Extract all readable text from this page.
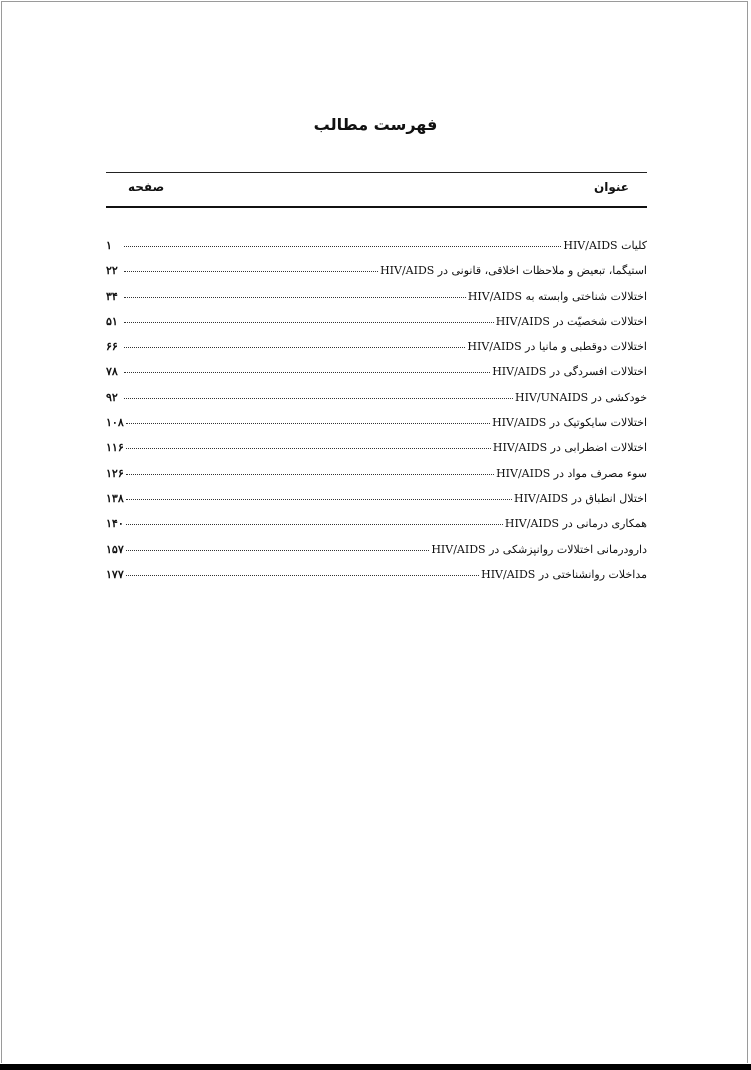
فهرست مطالب
عنوان
صفحه
کلیات HIV/AIDS
۱
استیگما، تبعیض و ملاحظات اخلاقی، قانونی در HIV/AIDS
۲۲
اختلالات شناختی وابسته به HIV/AIDS
۳۴
اختلالات شخصیّت در HIV/AIDS
۵۱
اختلالات دوقطبی و مانیا در HIV/AIDS
۶۶
اختلالات افسردگی در HIV/AIDS
۷۸
خودکشی در HIV/UNAIDS
۹۲
اختلالات سایکوتیک در HIV/AIDS
۱۰۸
اختلالات اضطرابی در HIV/AIDS
۱۱۶
سوء مصرف مواد در HIV/AIDS
۱۲۶
اختلال انطباق در HIV/AIDS
۱۳۸
همکاری درمانی در HIV/AIDS
۱۴۰
دارودرمانی اختلالات روانپزشکی در HIV/AIDS
۱۵۷
مداخلات روانشناختی در HIV/AIDS
۱۷۷
